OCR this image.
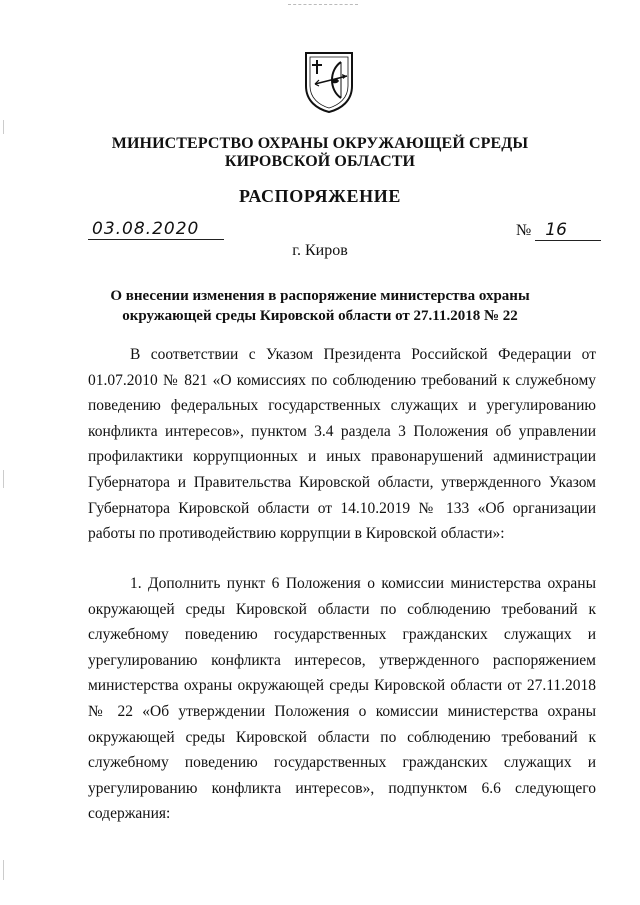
МИНИСТЕРСТВО ОХРАНЫ ОКРУЖАЮЩЕЙ СРЕДЫ
КИРОВСКОЙ ОБЛАСТИ
РАСПОРЯЖЕНИЕ
03.08.2020	№ 16
г. Киров
О внесении изменения в распоряжение министерства охраны
окружающей среды Кировской области от 27.11.2018 № 22

В соответствии с Указом Президента Российской Федерации от 01.07.2010 № 821 «О комиссиях по соблюдению требований к служебному поведению федеральных государственных служащих и урегулированию конфликта интересов», пунктом 3.4 раздела 3 Положения об управлении профилактики коррупционных и иных правонарушений администрации Губернатора и Правительства Кировской области, утвержденного Указом Губернатора Кировской области от 14.10.2019 № 133 «Об организации работы по противодействию коррупции в Кировской области»:

1. Дополнить пункт 6 Положения о комиссии министерства охраны окружающей среды Кировской области по соблюдению требований к служебному поведению государственных гражданских служащих и урегулированию конфликта интересов, утвержденного распоряжением министерства охраны окружающей среды Кировской области от 27.11.2018 № 22 «Об утверждении Положения о комиссии министерства охраны окружающей среды Кировской области по соблюдению требований к служебному поведению государственных гражданских служащих и урегулированию конфликта интересов», подпунктом 6.6 следующего содержания:
